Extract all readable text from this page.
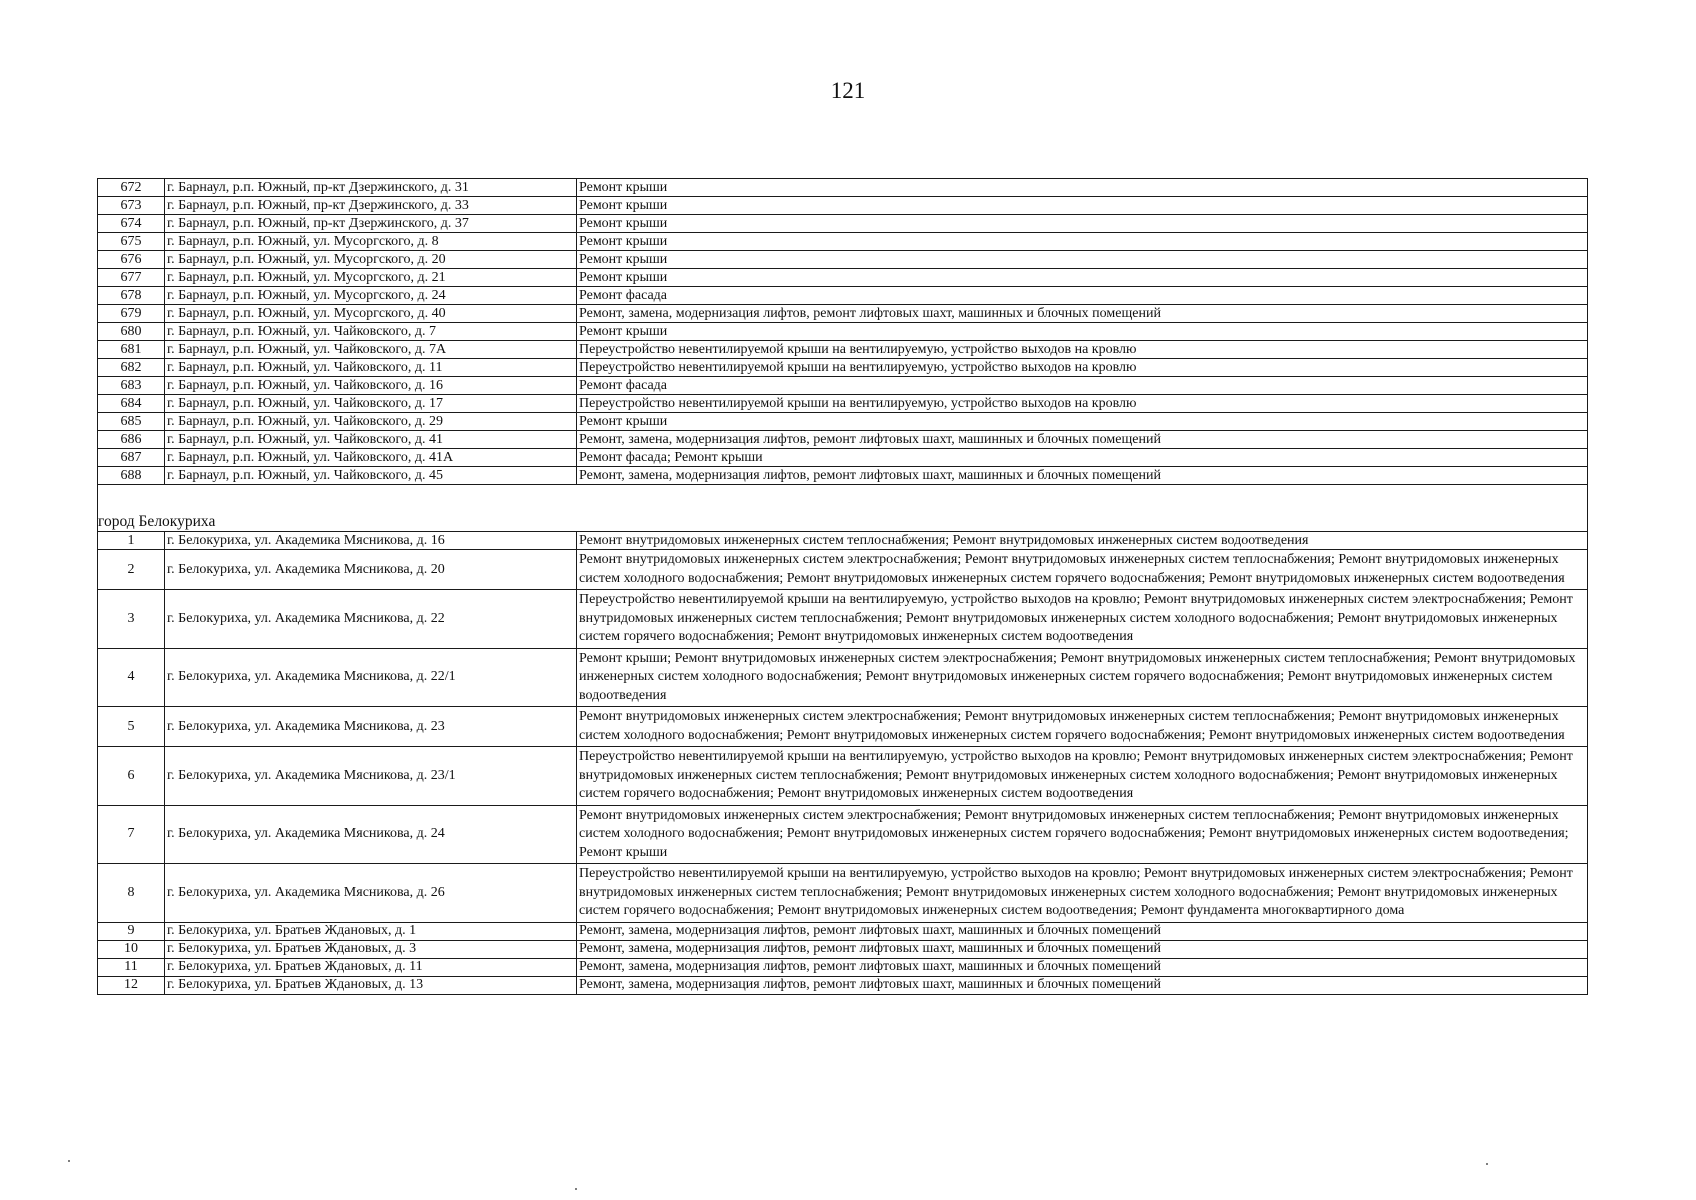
121
672	г. Барнаул, р.п. Южный, пр-кт Дзержинского, д. 31	Ремонт крыши
673	г. Барнаул, р.п. Южный, пр-кт Дзержинского, д. 33	Ремонт крыши
674	г. Барнаул, р.п. Южный, пр-кт Дзержинского, д. 37	Ремонт крыши
675	г. Барнаул, р.п. Южный, ул. Мусоргского, д. 8	Ремонт крыши
676	г. Барнаул, р.п. Южный, ул. Мусоргского, д. 20	Ремонт крыши
677	г. Барнаул, р.п. Южный, ул. Мусоргского, д. 21	Ремонт крыши
678	г. Барнаул, р.п. Южный, ул. Мусоргского, д. 24	Ремонт фасада
679	г. Барнаул, р.п. Южный, ул. Мусоргского, д. 40	Ремонт, замена, модернизация лифтов, ремонт лифтовых шахт, машинных и блочных помещений
680	г. Барнаул, р.п. Южный, ул. Чайковского, д. 7	Ремонт крыши
681	г. Барнаул, р.п. Южный, ул. Чайковского, д. 7А	Переустройство невентилируемой крыши на вентилируемую, устройство выходов на кровлю
682	г. Барнаул, р.п. Южный, ул. Чайковского, д. 11	Переустройство невентилируемой крыши на вентилируемую, устройство выходов на кровлю
683	г. Барнаул, р.п. Южный, ул. Чайковского, д. 16	Ремонт фасада
684	г. Барнаул, р.п. Южный, ул. Чайковского, д. 17	Переустройство невентилируемой крыши на вентилируемую, устройство выходов на кровлю
685	г. Барнаул, р.п. Южный, ул. Чайковского, д. 29	Ремонт крыши
686	г. Барнаул, р.п. Южный, ул. Чайковского, д. 41	Ремонт, замена, модернизация лифтов, ремонт лифтовых шахт, машинных и блочных помещений
687	г. Барнаул, р.п. Южный, ул. Чайковского, д. 41А	Ремонт фасада; Ремонт крыши
688	г. Барнаул, р.п. Южный, ул. Чайковского, д. 45	Ремонт, замена, модернизация лифтов, ремонт лифтовых шахт, машинных и блочных помещений

город Белокуриха		
1	г. Белокуриха, ул. Академика Мясникова, д. 16	Ремонт внутридомовых инженерных систем теплоснабжения; Ремонт внутридомовых инженерных систем водоотведения
2	г. Белокуриха, ул. Академика Мясникова, д. 20	Ремонт внутридомовых инженерных систем электроснабжения; Ремонт внутридомовых инженерных систем теплоснабжения; Ремонт внутридомовых инженерных систем холодного водоснабжения; Ремонт внутридомовых инженерных систем горячего водоснабжения; Ремонт внутридомовых инженерных систем водоотведения
3	г. Белокуриха, ул. Академика Мясникова, д. 22	Переустройство невентилируемой крыши на вентилируемую, устройство выходов на кровлю; Ремонт внутридомовых инженерных систем электроснабжения; Ремонт внутридомовых инженерных систем теплоснабжения; Ремонт внутридомовых инженерных систем холодного водоснабжения; Ремонт внутридомовых инженерных систем горячего водоснабжения; Ремонт внутридомовых инженерных систем водоотведения
4	г. Белокуриха, ул. Академика Мясникова, д. 22/1	Ремонт крыши; Ремонт внутридомовых инженерных систем электроснабжения; Ремонт внутридомовых инженерных систем теплоснабжения; Ремонт внутридомовых инженерных систем холодного водоснабжения; Ремонт внутридомовых инженерных систем горячего водоснабжения; Ремонт внутридомовых инженерных систем водоотведения
5	г. Белокуриха, ул. Академика Мясникова, д. 23	Ремонт внутридомовых инженерных систем электроснабжения; Ремонт внутридомовых инженерных систем теплоснабжения; Ремонт внутридомовых инженерных систем холодного водоснабжения; Ремонт внутридомовых инженерных систем горячего водоснабжения; Ремонт внутридомовых инженерных систем водоотведения
6	г. Белокуриха, ул. Академика Мясникова, д. 23/1	Переустройство невентилируемой крыши на вентилируемую, устройство выходов на кровлю; Ремонт внутридомовых инженерных систем электроснабжения; Ремонт внутридомовых инженерных систем теплоснабжения; Ремонт внутридомовых инженерных систем холодного водоснабжения; Ремонт внутридомовых инженерных систем горячего водоснабжения; Ремонт внутридомовых инженерных систем водоотведения
7	г. Белокуриха, ул. Академика Мясникова, д. 24	Ремонт внутридомовых инженерных систем электроснабжения; Ремонт внутридомовых инженерных систем теплоснабжения; Ремонт внутридомовых инженерных систем холодного водоснабжения; Ремонт внутридомовых инженерных систем горячего водоснабжения; Ремонт внутридомовых инженерных систем водоотведения; Ремонт крыши
8	г. Белокуриха, ул. Академика Мясникова, д. 26	Переустройство невентилируемой крыши на вентилируемую, устройство выходов на кровлю; Ремонт внутридомовых инженерных систем электроснабжения; Ремонт внутридомовых инженерных систем теплоснабжения; Ремонт внутридомовых инженерных систем холодного водоснабжения; Ремонт внутридомовых инженерных систем горячего водоснабжения; Ремонт внутридомовых инженерных систем водоотведения; Ремонт фундамента многоквартирного дома
9	г. Белокуриха, ул. Братьев Ждановых, д. 1	Ремонт, замена, модернизация лифтов, ремонт лифтовых шахт, машинных и блочных помещений
10	г. Белокуриха, ул. Братьев Ждановых, д. 3	Ремонт, замена, модернизация лифтов, ремонт лифтовых шахт, машинных и блочных помещений
11	г. Белокуриха, ул. Братьев Ждановых, д. 11	Ремонт, замена, модернизация лифтов, ремонт лифтовых шахт, машинных и блочных помещений
12	г. Белокуриха, ул. Братьев Ждановых, д. 13	Ремонт, замена, модернизация лифтов, ремонт лифтовых шахт, машинных и блочных помещений
